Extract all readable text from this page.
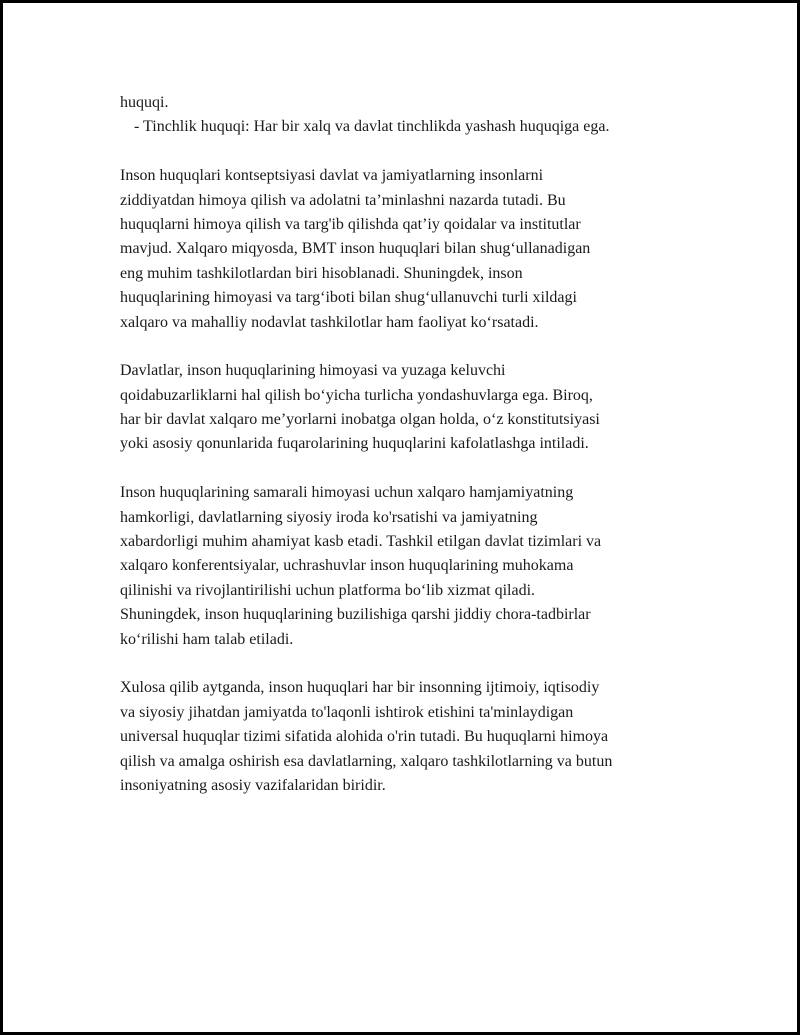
huquqi.
- Tinchlik huquqi: Har bir xalq va davlat tinchlikda yashash huquqiga ega.
Inson huquqlari kontseptsiyasi davlat va jamiyatlarning insonlarni
ziddiyatdan himoya qilish va adolatni ta’minlashni nazarda tutadi. Bu
huquqlarni himoya qilish va targ'ib qilishda qat’iy qoidalar va institutlar
mavjud. Xalqaro miqyosda, BMT inson huquqlari bilan shug‘ullanadigan
eng muhim tashkilotlardan biri hisoblanadi. Shuningdek, inson
huquqlarining himoyasi va targ‘iboti bilan shug‘ullanuvchi turli xildagi
xalqaro va mahalliy nodavlat tashkilotlar ham faoliyat ko‘rsatadi.
Davlatlar, inson huquqlarining himoyasi va yuzaga keluvchi
qoidabuzarliklarni hal qilish bo‘yicha turlicha yondashuvlarga ega. Biroq,
har bir davlat xalqaro me’yorlarni inobatga olgan holda, o‘z konstitutsiyasi
yoki asosiy qonunlarida fuqarolarining huquqlarini kafolatlashga intiladi.
Inson huquqlarining samarali himoyasi uchun xalqaro hamjamiyatning
hamkorligi, davlatlarning siyosiy iroda ko'rsatishi va jamiyatning
xabardorligi muhim ahamiyat kasb etadi. Tashkil etilgan davlat tizimlari va
xalqaro konferentsiyalar, uchrashuvlar inson huquqlarining muhokama
qilinishi va rivojlantirilishi uchun platforma bo‘lib xizmat qiladi.
Shuningdek, inson huquqlarining buzilishiga qarshi jiddiy chora-tadbirlar
ko‘rilishi ham talab etiladi.
Xulosa qilib aytganda, inson huquqlari har bir insonning ijtimoiy, iqtisodiy
va siyosiy jihatdan jamiyatda to'laqonli ishtirok etishini ta'minlaydigan
universal huquqlar tizimi sifatida alohida o'rin tutadi. Bu huquqlarni himoya
qilish va amalga oshirish esa davlatlarning, xalqaro tashkilotlarning va butun
insoniyatning asosiy vazifalaridan biridir.
